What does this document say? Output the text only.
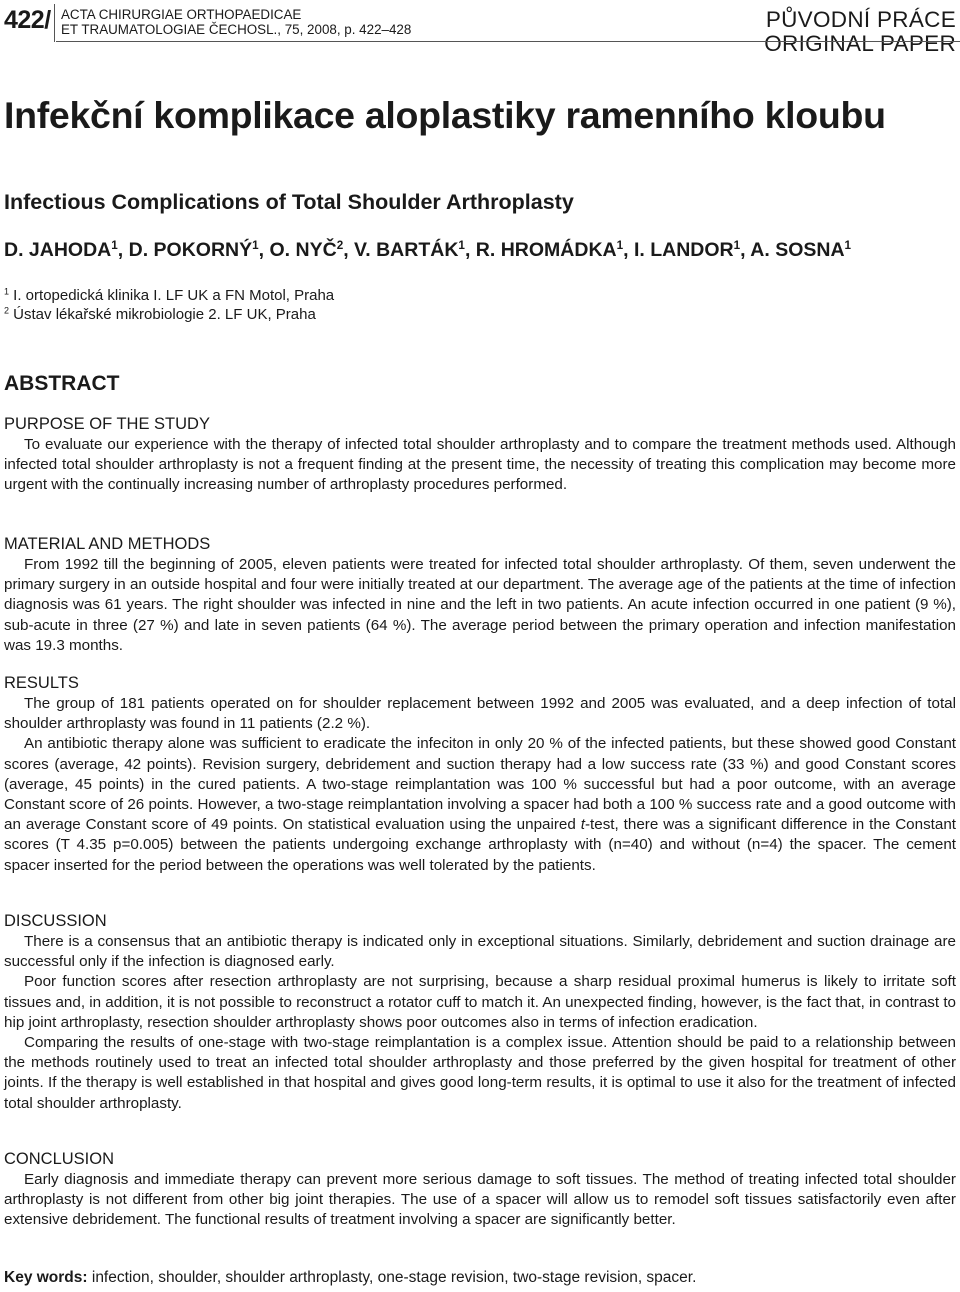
422/ ACTA CHIRURGIAE ORTHOPAEDICAE
ET TRAUMATOLOGIAE ČECHOSL., 75, 2008, p. 422–428	PŮVODNÍ PRÁCE
ORIGINAL PAPER
Infekční komplikace aloplastiky ramenního kloubu
Infectious Complications of Total Shoulder Arthroplasty
D. JAHODA$^1$, D. POKORNÝ$^1$, O. NYČ$^2$, V. BARTÁK$^1$, R. HROMÁDKA$^1$, I. LANDOR$^1$, A. SOSNA$^1$
$^1$ I. ortopedická klinika I. LF UK a FN Motol, Praha
$^2$ Ústav lékařské mikrobiologie 2. LF UK, Praha
ABSTRACT
PURPOSE OF THE STUDY

To evaluate our experience with the therapy of infected total shoulder arthroplasty and to compare the treatment methods used. Although infected total shoulder arthroplasty is not a frequent finding at the present time, the necessity of treating this complication may become more urgent with the continually increasing number of arthroplasty procedures performed.

MATERIAL AND METHODS

From 1992 till the beginning of 2005, eleven patients were treated for infected total shoulder arthroplasty. Of them, seven underwent the primary surgery in an outside hospital and four were initially treated at our department. The average age of the patients at the time of infection diagnosis was 61 years. The right shoulder was infected in nine and the left in two patients. An acute infection occurred in one patient (9 %), sub-acute in three (27 %) and late in seven patients (64 %). The average period between the primary operation and infection manifestation was 19.3 months.

RESULTS

The group of 181 patients operated on for shoulder replacement between 1992 and 2005 was evaluated, and a deep infection of total shoulder arthroplasty was found in 11 patients (2.2 %).

An antibiotic therapy alone was sufficient to eradicate the infeciton in only 20 % of the infected patients, but these showed good Constant scores (average, 42 points). Revision surgery, debridement and suction therapy had a low success rate (33 %) and good Constant scores (average, 45 points) in the cured patients. A two-stage reimplantation was 100 % successful but had a poor outcome, with an average Constant score of 26 points. However, a two-stage reimplantation involving a spacer had both a 100 % success rate and a good outcome with an average Constant score of 49 points. On statistical evaluation using the unpaired t-test, there was a significant difference in the Constant scores (T 4.35 p=0.005) between the patients undergoing exchange arthroplasty with (n=40) and without (n=4) the spacer. The cement spacer inserted for the period between the operations was well tolerated by the patients.

DISCUSSION

There is a consensus that an antibiotic therapy is indicated only in exceptional situations. Similarly, debridement and suction drainage are successful only if the infection is diagnosed early.

Poor function scores after resection arthroplasty are not surprising, because a sharp residual proximal humerus is likely to irritate soft tissues and, in addition, it is not possible to reconstruct a rotator cuff to match it. An unexpected finding, however, is the fact that, in contrast to hip joint arthroplasty, resection shoulder arthroplasty shows poor outcomes also in terms of infection eradication.

Comparing the results of one-stage with two-stage reimplantation is a complex issue. Attention should be paid to a relationship between the methods routinely used to treat an infected total shoulder arthroplasty and those preferred by the given hospital for treatment of other joints. If the therapy is well established in that hospital and gives good long-term results, it is optimal to use it also for the treatment of infected total shoulder arthroplasty.

CONCLUSION

Early diagnosis and immediate therapy can prevent more serious damage to soft tissues. The method of treating infected total shoulder arthroplasty is not different from other big joint therapies. The use of a spacer will allow us to remodel soft tissues satisfactorily even after extensive debridement. The functional results of treatment involving a spacer are significantly better.

Key words: infection, shoulder, shoulder arthroplasty, one-stage revision, two-stage revision, spacer.
